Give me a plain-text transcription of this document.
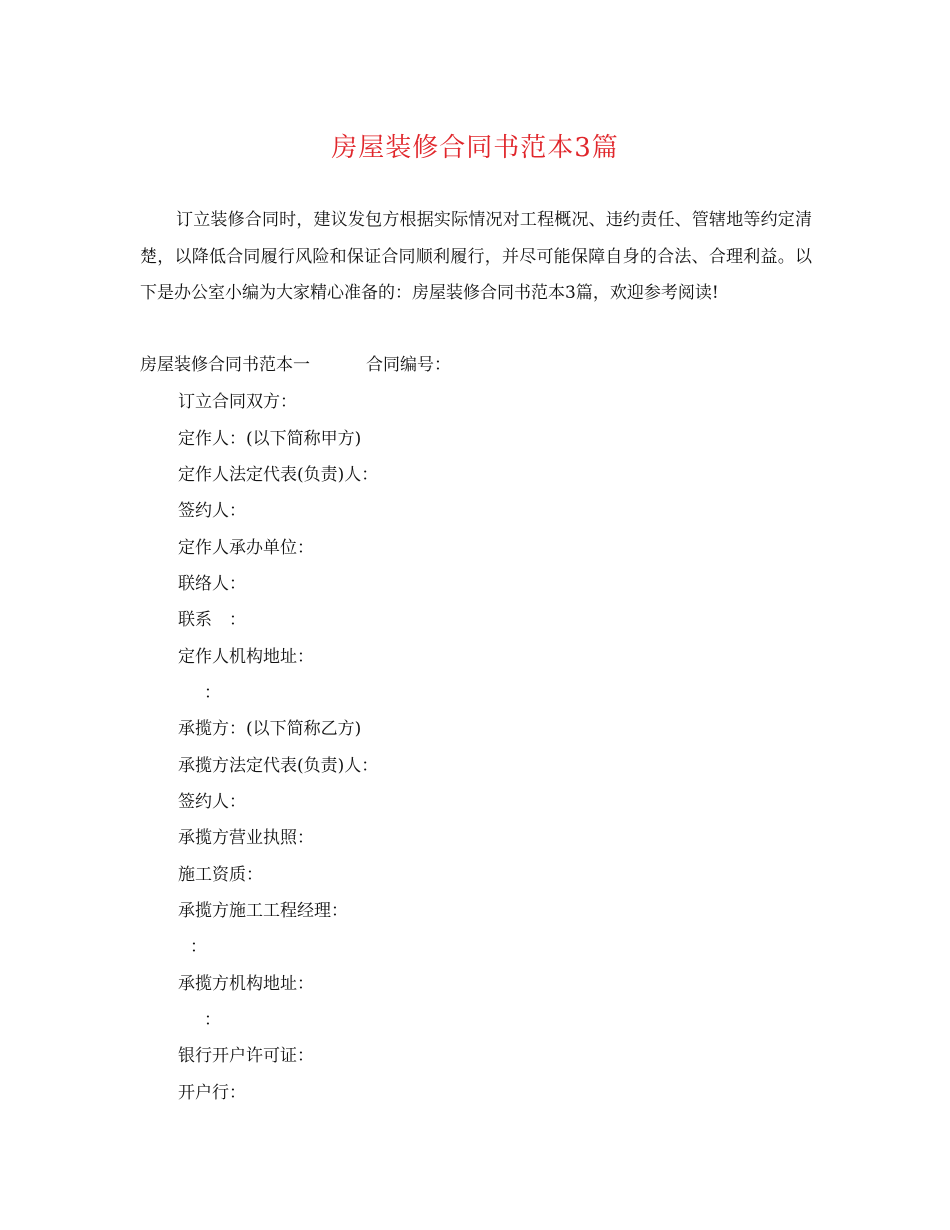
房屋装修合同书范本3篇

订立装修合同时，建议发包方根据实际情况对工程概况、违约责任、管辖地等约定清楚，以降低合同履行风险和保证合同顺利履行，并尽可能保障自身的合法、合理利益。以下是办公室小编为大家精心准备的：房屋装修合同书范本3篇，欢迎参考阅读!

房屋装修合同书范本一	合同编号：
订立合同双方：
定作人：(以下简称甲方)
定作人法定代表(负责)人：
签约人：
定作人承办单位：
联络人：
联系　：
定作人机构地址：
：
承揽方：(以下简称乙方)
承揽方法定代表(负责)人：
签约人：
承揽方营业执照：
施工资质：
承揽方施工工程经理：
：
承揽方机构地址：
：
银行开户许可证：
开户行：
